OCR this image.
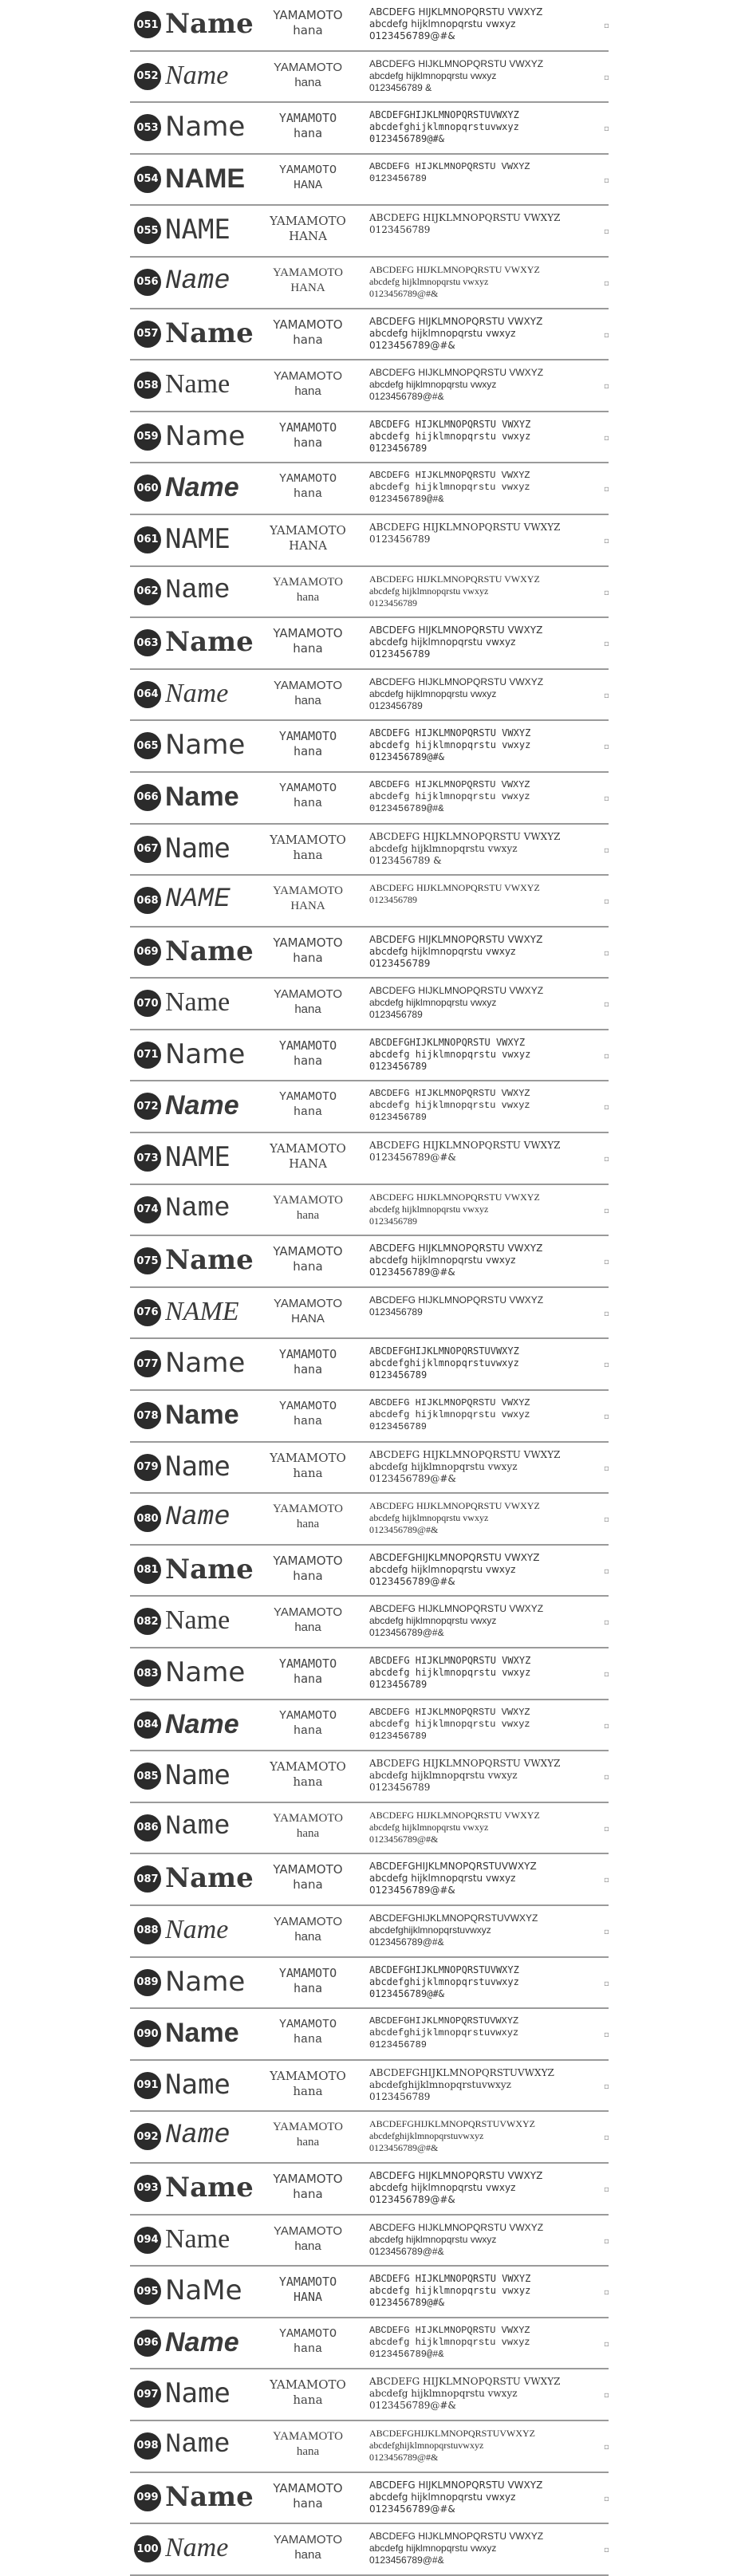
051 Name	YAMAMOTO
hana
ABCDEFG HIJKLMNOPQRSTU VWXYZ
abcdefg hijklmnopqrstu vwxyz
0123456789@#&
▫
052 Name	YAMAMOTO
hana
ABCDEFG HIJKLMNOPQRSTU VWXYZ
abcdefg hijklmnopqrstu vwxyz
0123456789 &
▫
053 Name	YAMAMOTO
hana
ABCDEFGHIJKLMNOPQRSTUVWXYZ
abcdefghijklmnopqrstuvwxyz
0123456789@#&
▫
054 NAME	YAMAMOTO
HANA
ABCDEFG HIJKLMNOPQRSTU VWXYZ
0123456789	▫
055 NAME	YAMAMOTO
HANA
ABCDEFG HIJKLMNOPQRSTU VWXYZ
0123456789	▫
056 Name	YAMAMOTO
HANA
ABCDEFG HIJKLMNOPQRSTU VWXYZ
abcdefg hijklmnopqrstu vwxyz
0123456789@#&
▫
057 Name	YAMAMOTO
hana
ABCDEFG HIJKLMNOPQRSTU VWXYZ
abcdefg hijklmnopqrstu vwxyz
0123456789@#&
▫
058 Name	YAMAMOTO
hana
ABCDEFG HIJKLMNOPQRSTU VWXYZ
abcdefg hijklmnopqrstu vwxyz
0123456789@#&
▫
059 Name	YAMAMOTO
hana
ABCDEFG HIJKLMNOPQRSTU VWXYZ
abcdefg hijklmnopqrstu vwxyz
0123456789
▫
060 Name	YAMAMOTO
hana
ABCDEFG HIJKLMNOPQRSTU VWXYZ
abcdefg hijklmnopqrstu vwxyz
0123456789@#&
▫
061 NAME	YAMAMOTO
HANA
ABCDEFG HIJKLMNOPQRSTU VWXYZ
0123456789	▫
062 Name	YAMAMOTO
hana
ABCDEFG HIJKLMNOPQRSTU VWXYZ
abcdefg hijklmnopqrstu vwxyz
0123456789
▫
063 Name	YAMAMOTO
hana
ABCDEFG HIJKLMNOPQRSTU VWXYZ
abcdefg hijklmnopqrstu vwxyz
0123456789
▫
064 Name	YAMAMOTO
hana
ABCDEFG HIJKLMNOPQRSTU VWXYZ
abcdefg hijklmnopqrstu vwxyz
0123456789
▫
065 Name	YAMAMOTO
hana
ABCDEFG HIJKLMNOPQRSTU VWXYZ
abcdefg hijklmnopqrstu vwxyz
0123456789@#&
▫
066 Name	YAMAMOTO
hana
ABCDEFG HIJKLMNOPQRSTU VWXYZ
abcdefg hijklmnopqrstu vwxyz
0123456789@#&
▫
067 Name	YAMAMOTO
hana
ABCDEFG HIJKLMNOPQRSTU VWXYZ
abcdefg hijklmnopqrstu vwxyz
0123456789 &
▫
068 NAME	YAMAMOTO
HANA
ABCDEFG HIJKLMNOPQRSTU VWXYZ
0123456789	▫
069 Name	YAMAMOTO
hana
ABCDEFG HIJKLMNOPQRSTU VWXYZ
abcdefg hijklmnopqrstu vwxyz
0123456789
▫
070 Name	YAMAMOTO
hana
ABCDEFG HIJKLMNOPQRSTU VWXYZ
abcdefg hijklmnopqrstu vwxyz
0123456789
▫
071 Name	YAMAMOTO
hana
ABCDEFGHIJKLMNOPQRSTU VWXYZ
abcdefg hijklmnopqrstu vwxyz
0123456789
▫
072 Name	YAMAMOTO
hana
ABCDEFG HIJKLMNOPQRSTU VWXYZ
abcdefg hijklmnopqrstu vwxyz
0123456789
▫
073 NAME	YAMAMOTO
HANA
ABCDEFG HIJKLMNOPQRSTU VWXYZ
0123456789@#&	▫
074 Name	YAMAMOTO
hana
ABCDEFG HIJKLMNOPQRSTU VWXYZ
abcdefg hijklmnopqrstu vwxyz
0123456789
▫
075 Name	YAMAMOTO
hana
ABCDEFG HIJKLMNOPQRSTU VWXYZ
abcdefg hijklmnopqrstu vwxyz
0123456789@#&
▫
076 NAME	YAMAMOTO
HANA
ABCDEFG HIJKLMNOPQRSTU VWXYZ
0123456789	▫
077 Name	YAMAMOTO
hana
ABCDEFGHIJKLMNOPQRSTUVWXYZ
abcdefghijklmnopqrstuvwxyz
0123456789
▫
078 Name	YAMAMOTO
hana
ABCDEFG HIJKLMNOPQRSTU VWXYZ
abcdefg hijklmnopqrstu vwxyz
0123456789
▫
079 Name	YAMAMOTO
hana
ABCDEFG HIJKLMNOPQRSTU VWXYZ
abcdefg hijklmnopqrstu vwxyz
0123456789@#&
▫
080 Name	YAMAMOTO
hana
ABCDEFG HIJKLMNOPQRSTU VWXYZ
abcdefg hijklmnopqrstu vwxyz
0123456789@#&
▫
081 Name	YAMAMOTO
hana
ABCDEFGHIJKLMNOPQRSTU VWXYZ
abcdefg hijklmnopqrstu vwxyz
0123456789@#&
▫
082 Name	YAMAMOTO
hana
ABCDEFG HIJKLMNOPQRSTU VWXYZ
abcdefg hijklmnopqrstu vwxyz
0123456789@#&
▫
083 Name	YAMAMOTO
hana
ABCDEFG HIJKLMNOPQRSTU VWXYZ
abcdefg hijklmnopqrstu vwxyz
0123456789
▫
084 Name	YAMAMOTO
hana
ABCDEFG HIJKLMNOPQRSTU VWXYZ
abcdefg hijklmnopqrstu vwxyz
0123456789
▫
085 Name	YAMAMOTO
hana
ABCDEFG HIJKLMNOPQRSTU VWXYZ
abcdefg hijklmnopqrstu vwxyz
0123456789
▫
086 Name	YAMAMOTO
hana
ABCDEFG HIJKLMNOPQRSTU VWXYZ
abcdefg hijklmnopqrstu vwxyz
0123456789@#&
▫
087 Name	YAMAMOTO
hana
ABCDEFGHIJKLMNOPQRSTUVWXYZ
abcdefg hijklmnopqrstu vwxyz
0123456789@#&
▫
088 Name	YAMAMOTO
hana
ABCDEFGHIJKLMNOPQRSTUVWXYZ
abcdefghijklmnopqrstuvwxyz
0123456789@#&
▫
089 Name	YAMAMOTO
hana
ABCDEFGHIJKLMNOPQRSTUVWXYZ
abcdefghijklmnopqrstuvwxyz
0123456789@#&
▫
090 Name	YAMAMOTO
hana
ABCDEFGHIJKLMNOPQRSTUVWXYZ
abcdefghijklmnopqrstuvwxyz
0123456789
▫
091 Name	YAMAMOTO
hana
ABCDEFGHIJKLMNOPQRSTUVWXYZ
abcdefghijklmnopqrstuvwxyz
0123456789
▫
092 Name	YAMAMOTO
hana
ABCDEFGHIJKLMNOPQRSTUVWXYZ
abcdefghijklmnopqrstuvwxyz
0123456789@#&
▫
093 Name	YAMAMOTO
hana
ABCDEFG HIJKLMNOPQRSTU VWXYZ
abcdefg hijklmnopqrstu vwxyz
0123456789@#&
▫
094 Name	YAMAMOTO
hana
ABCDEFG HIJKLMNOPQRSTU VWXYZ
abcdefg hijklmnopqrstu vwxyz
0123456789@#&
▫
095 NaMe	YAMAMOTO
HANA
ABCDEFG HIJKLMNOPQRSTU VWXYZ
abcdefg hijklmnopqrstu vwxyz
0123456789@#&
▫
096 Name	YAMAMOTO
hana
ABCDEFG HIJKLMNOPQRSTU VWXYZ
abcdefg hijklmnopqrstu vwxyz
0123456789@#&
▫
097 Name	YAMAMOTO
hana
ABCDEFG HIJKLMNOPQRSTU VWXYZ
abcdefg hijklmnopqrstu vwxyz
0123456789@#&
▫
098 Name	YAMAMOTO
hana
ABCDEFGHIJKLMNOPQRSTUVWXYZ
abcdefghijklmnopqrstuvwxyz
0123456789@#&
▫
099 Name	YAMAMOTO
hana
ABCDEFG HIJKLMNOPQRSTU VWXYZ
abcdefg hijklmnopqrstu vwxyz
0123456789@#&
▫
100 Name	YAMAMOTO
hana
ABCDEFG HIJKLMNOPQRSTU VWXYZ
abcdefg hijklmnopqrstu vwxyz
0123456789@#&
▫
